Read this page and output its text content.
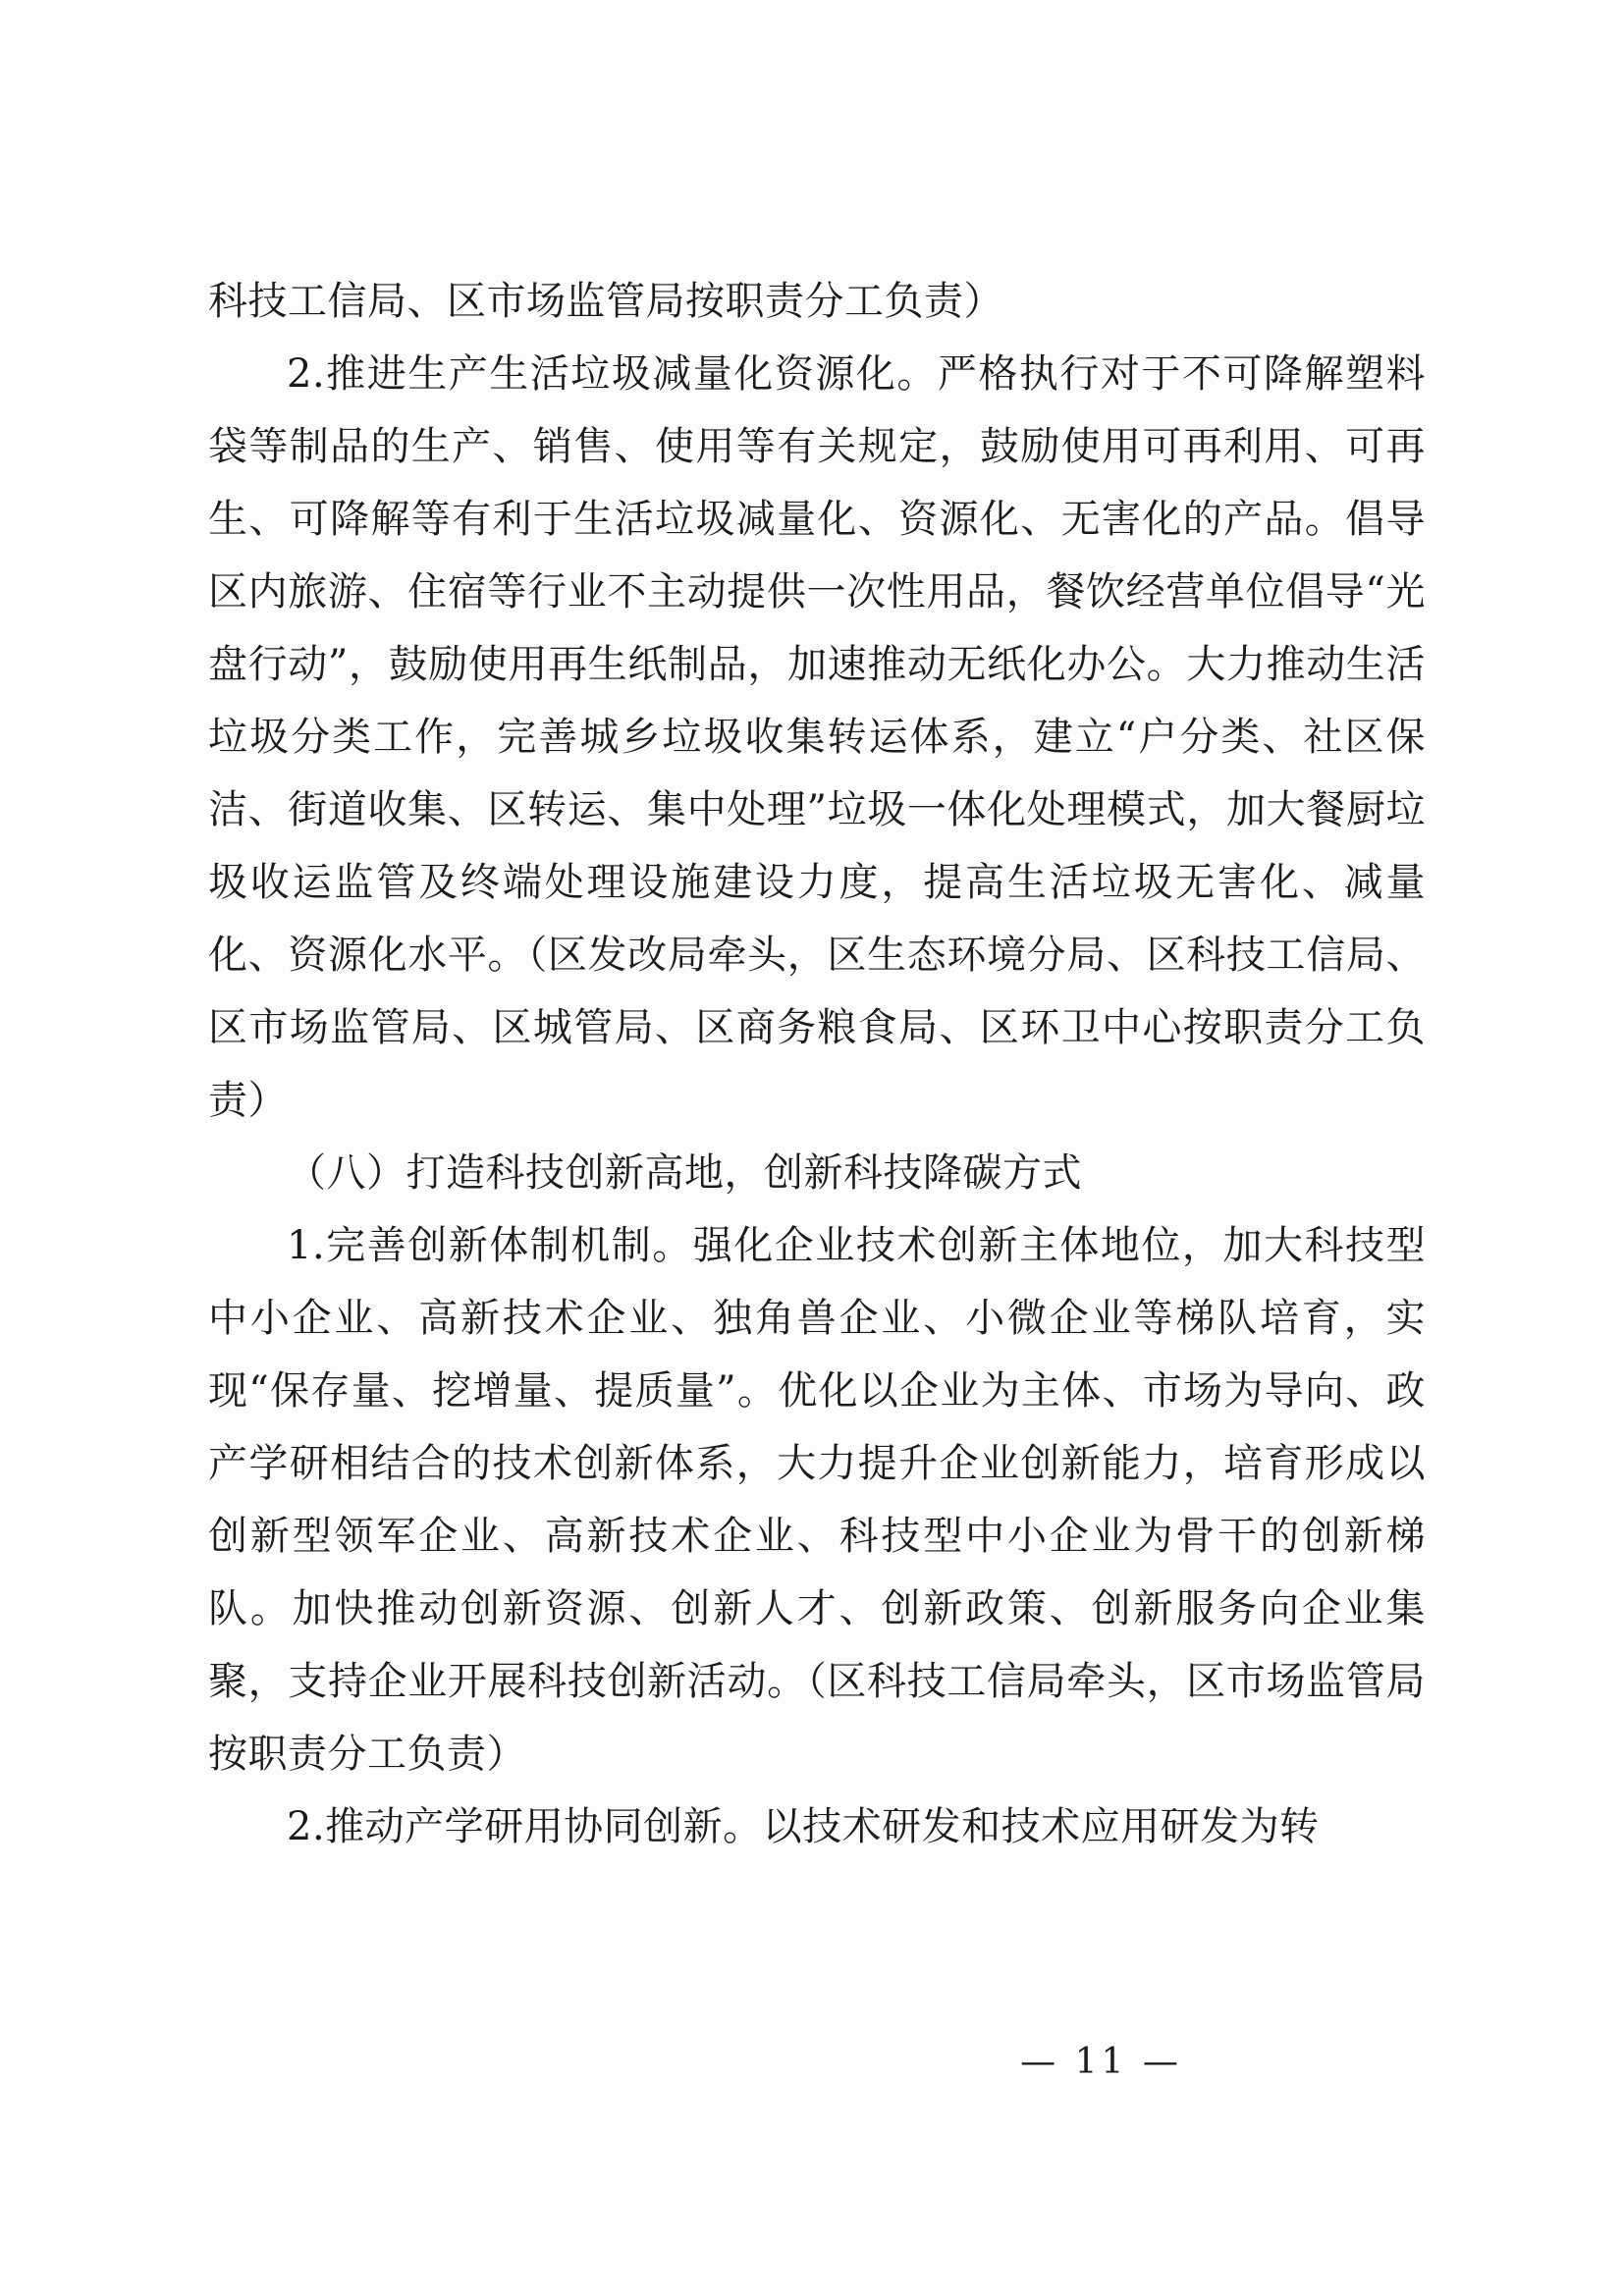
科技工信局、区市场监管局按职责分工负责）

2.推进生产生活垃圾减量化资源化。严格执行对于不可降解塑料袋等制品的生产、销售、使用等有关规定，鼓励使用可再利用、可再生、可降解等有利于生活垃圾减量化、资源化、无害化的产品。倡导区内旅游、住宿等行业不主动提供一次性用品，餐饮经营单位倡导“光盘行动”，鼓励使用再生纸制品，加速推动无纸化办公。大力推动生活垃圾分类工作，完善城乡垃圾收集转运体系，建立“户分类、社区保洁、街道收集、区转运、集中处理”垃圾一体化处理模式，加大餐厨垃圾收运监管及终端处理设施建设力度，提高生活垃圾无害化、减量化、资源化水平。（区发改局牵头，区生态环境分局、区科技工信局、区市场监管局、区城管局、区商务粮食局、区环卫中心按职责分工负责）

（八）打造科技创新高地，创新科技降碳方式

1.完善创新体制机制。强化企业技术创新主体地位，加大科技型中小企业、高新技术企业、独角兽企业、小微企业等梯队培育，实现“保存量、挖增量、提质量”。优化以企业为主体、市场为导向、政产学研相结合的技术创新体系，大力提升企业创新能力，培育形成以创新型领军企业、高新技术企业、科技型中小企业为骨干的创新梯队。加快推动创新资源、创新人才、创新政策、创新服务向企业集聚，支持企业开展科技创新活动。（区科技工信局牵头，区市场监管局按职责分工负责）

2.推动产学研用协同创新。以技术研发和技术应用研发为转

— 11 —
